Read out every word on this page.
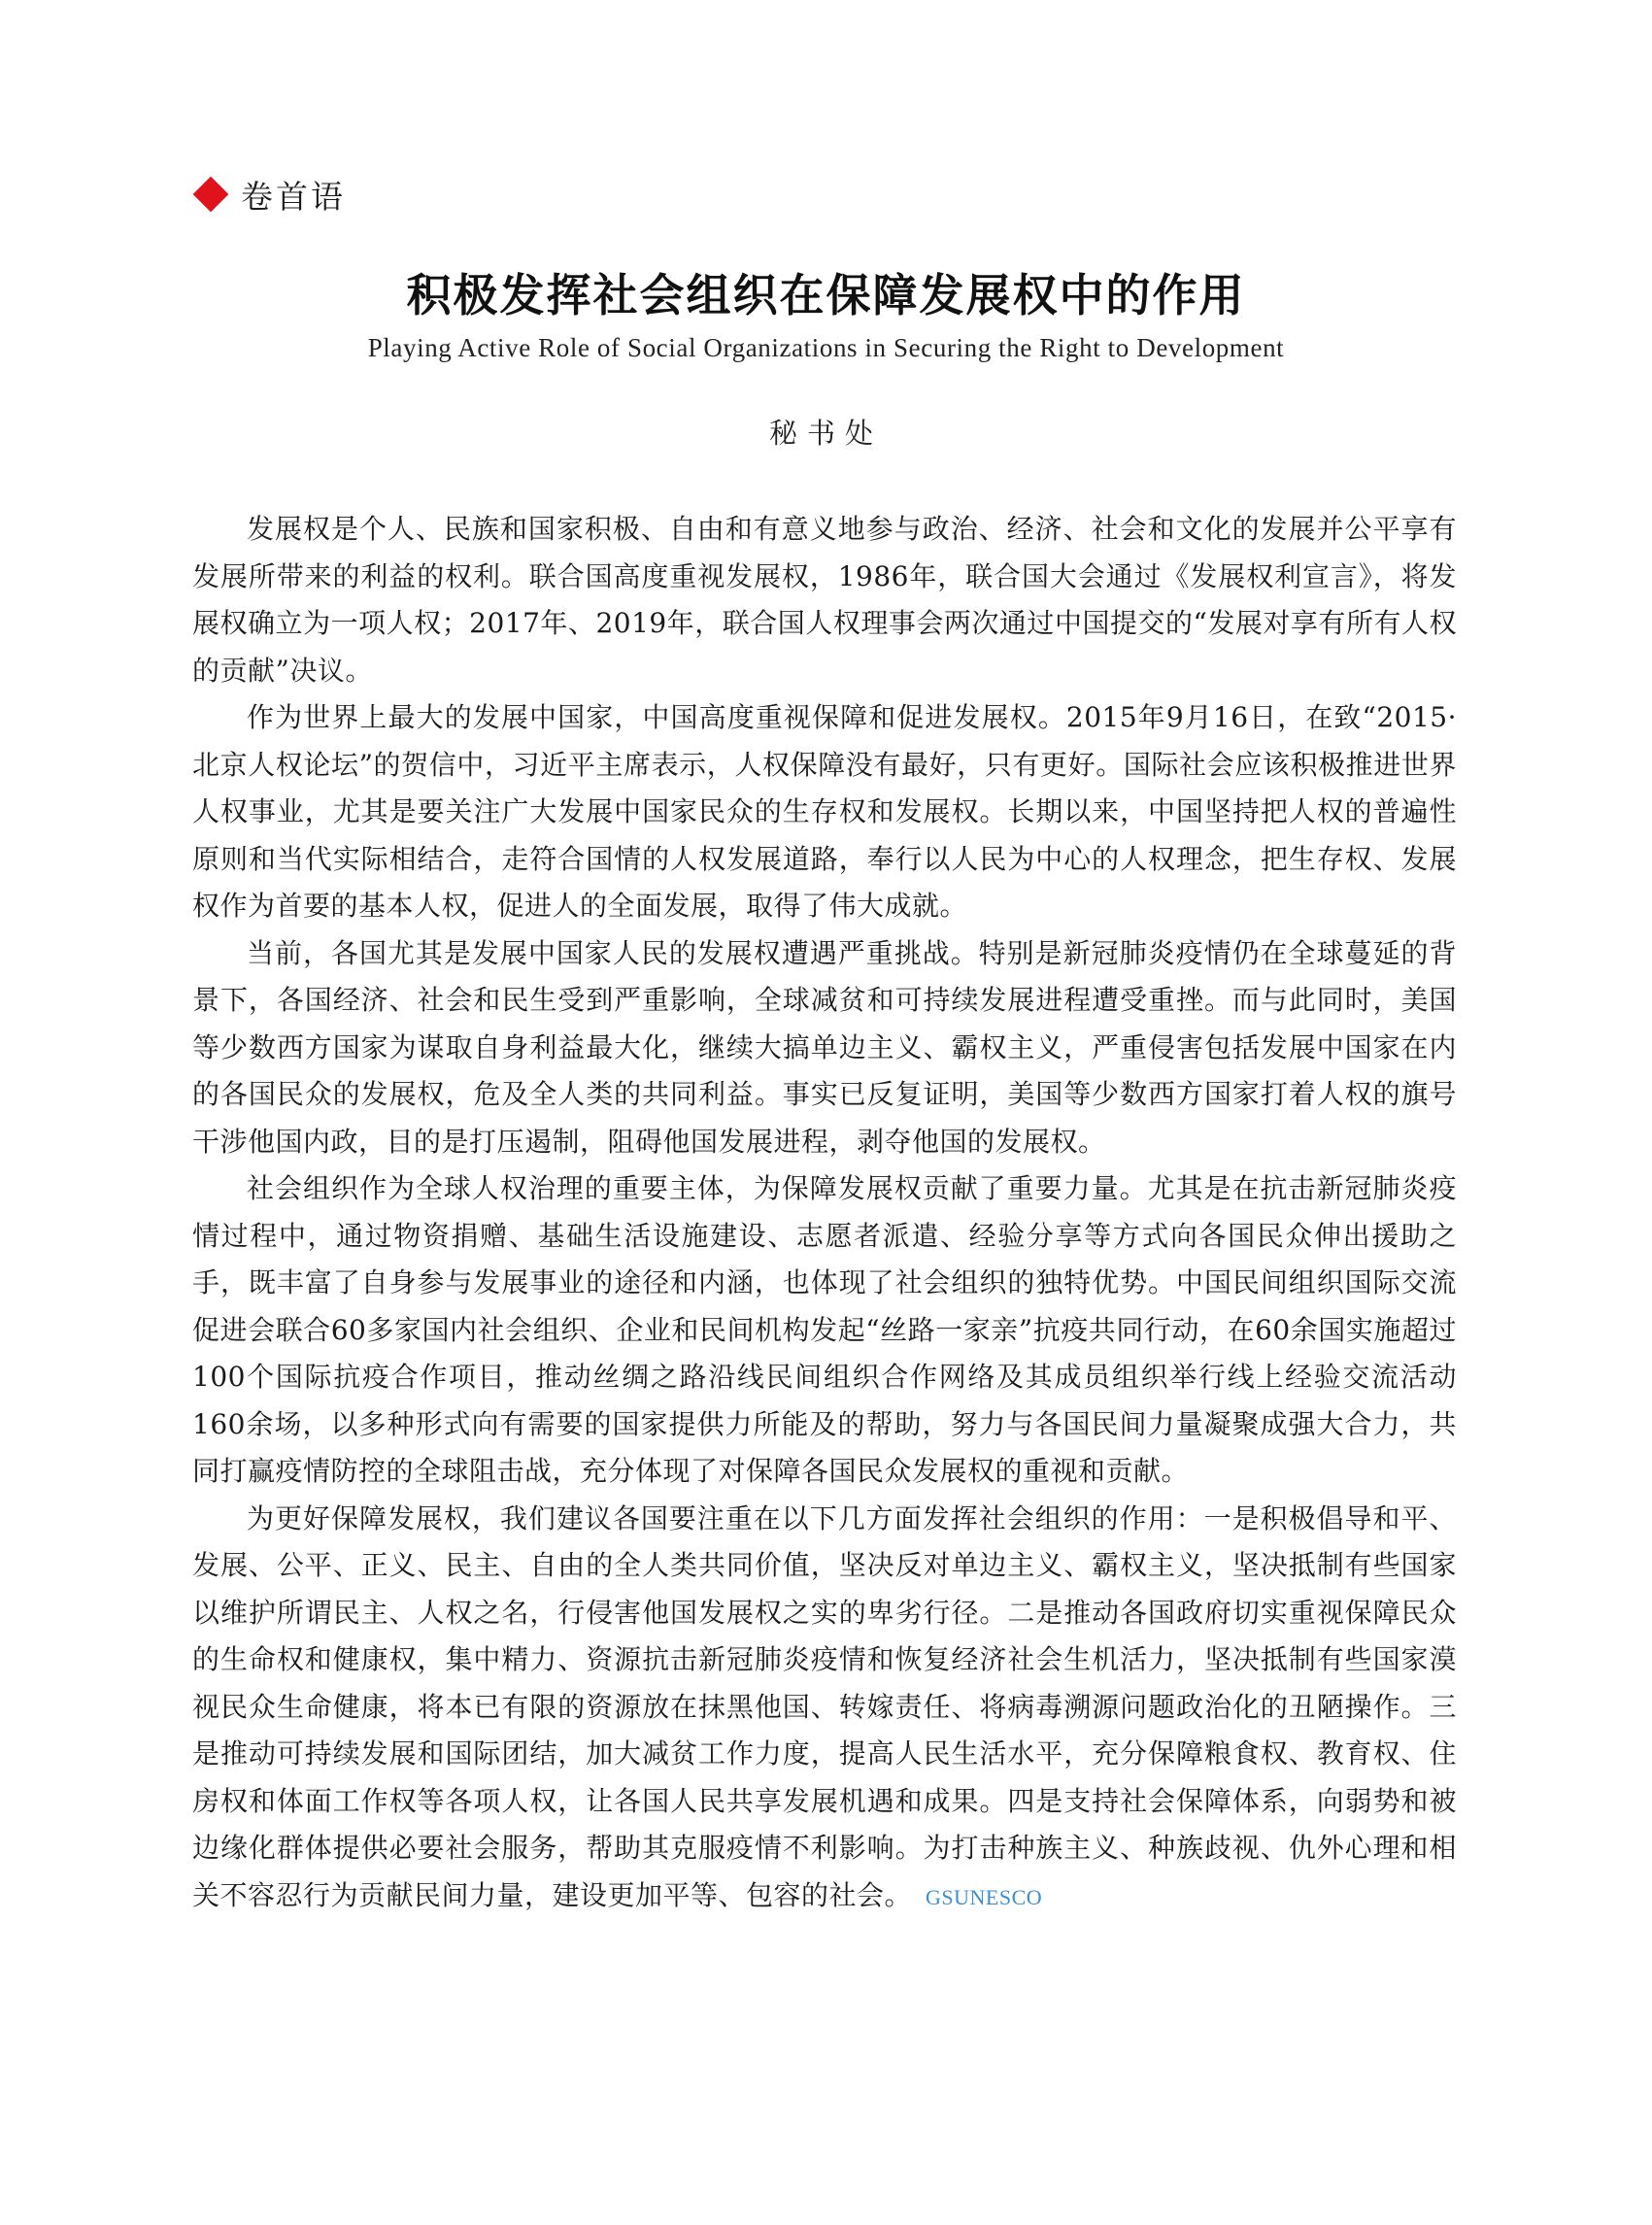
卷首语
积极发挥社会组织在保障发展权中的作用
Playing Active Role of Social Organizations in Securing the Right to Development
秘书处

发展权是个人、民族和国家积极、自由和有意义地参与政治、经济、社会和文化的发展并公平享有发展所带来的利益的权利。联合国高度重视发展权，1986年，联合国大会通过《发展权利宣言》，将发展权确立为一项人权；2017年、2019年，联合国人权理事会两次通过中国提交的“发展对享有所有人权的贡献”决议。

作为世界上最大的发展中国家，中国高度重视保障和促进发展权。2015年9月16日，在致“2015·北京人权论坛”的贺信中，习近平主席表示，人权保障没有最好，只有更好。国际社会应该积极推进世界人权事业，尤其是要关注广大发展中国家民众的生存权和发展权。长期以来，中国坚持把人权的普遍性原则和当代实际相结合，走符合国情的人权发展道路，奉行以人民为中心的人权理念，把生存权、发展权作为首要的基本人权，促进人的全面发展，取得了伟大成就。

当前，各国尤其是发展中国家人民的发展权遭遇严重挑战。特别是新冠肺炎疫情仍在全球蔓延的背景下，各国经济、社会和民生受到严重影响，全球减贫和可持续发展进程遭受重挫。而与此同时，美国等少数西方国家为谋取自身利益最大化，继续大搞单边主义、霸权主义，严重侵害包括发展中国家在内的各国民众的发展权，危及全人类的共同利益。事实已反复证明，美国等少数西方国家打着人权的旗号干涉他国内政，目的是打压遏制，阻碍他国发展进程，剥夺他国的发展权。

社会组织作为全球人权治理的重要主体，为保障发展权贡献了重要力量。尤其是在抗击新冠肺炎疫情过程中，通过物资捐赠、基础生活设施建设、志愿者派遣、经验分享等方式向各国民众伸出援助之手，既丰富了自身参与发展事业的途径和内涵，也体现了社会组织的独特优势。中国民间组织国际交流促进会联合60多家国内社会组织、企业和民间机构发起“丝路一家亲”抗疫共同行动，在60余国实施超过100个国际抗疫合作项目，推动丝绸之路沿线民间组织合作网络及其成员组织举行线上经验交流活动160余场，以多种形式向有需要的国家提供力所能及的帮助，努力与各国民间力量凝聚成强大合力，共同打赢疫情防控的全球阻击战，充分体现了对保障各国民众发展权的重视和贡献。

为更好保障发展权，我们建议各国要注重在以下几方面发挥社会组织的作用：一是积极倡导和平、发展、公平、正义、民主、自由的全人类共同价值，坚决反对单边主义、霸权主义，坚决抵制有些国家以维护所谓民主、人权之名，行侵害他国发展权之实的卑劣行径。二是推动各国政府切实重视保障民众的生命权和健康权，集中精力、资源抗击新冠肺炎疫情和恢复经济社会生机活力，坚决抵制有些国家漠视民众生命健康，将本已有限的资源放在抹黑他国、转嫁责任、将病毒溯源问题政治化的丑陋操作。三是推动可持续发展和国际团结，加大减贫工作力度，提高人民生活水平，充分保障粮食权、教育权、住房权和体面工作权等各项人权，让各国人民共享发展机遇和成果。四是支持社会保障体系，向弱势和被边缘化群体提供必要社会服务，帮助其克服疫情不利影响。为打击种族主义、种族歧视、仇外心理和相关不容忍行为贡献民间力量，建设更加平等、包容的社会。 GSUNESCO
